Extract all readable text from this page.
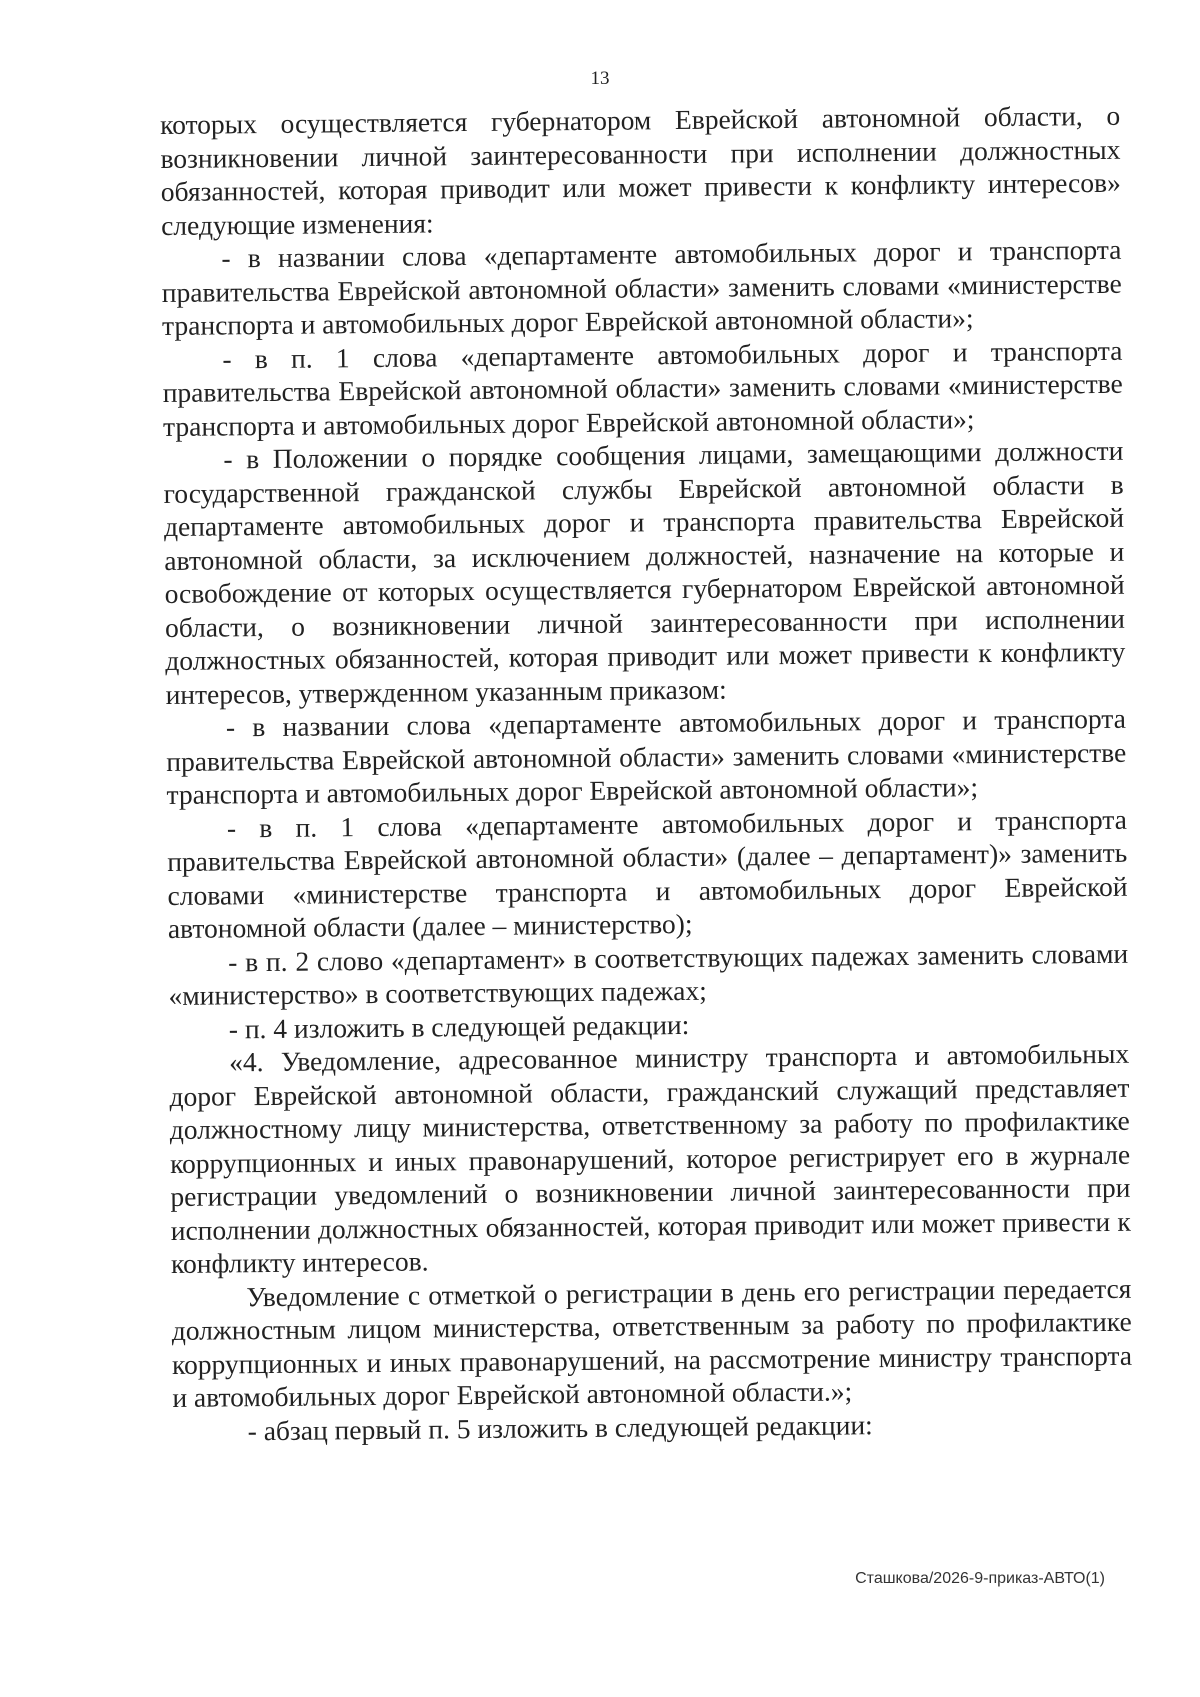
13

которых осуществляется губернатором Еврейской автономной области, о возникновении личной заинтересованности при исполнении должностных обязанностей, которая приводит или может привести к конфликту интересов» следующие изменения:

- в названии слова «департаменте автомобильных дорог и транспорта правительства Еврейской автономной области» заменить словами «министерстве транспорта и автомобильных дорог Еврейской автономной области»;

- в п. 1 слова «департаменте автомобильных дорог и транспорта правительства Еврейской автономной области» заменить словами «министерстве транспорта и автомобильных дорог Еврейской автономной области»;

- в Положении о порядке сообщения лицами, замещающими должности государственной гражданской службы Еврейской автономной области в департаменте автомобильных дорог и транспорта правительства Еврейской автономной области, за исключением должностей, назначение на которые и освобождение от которых осуществляется губернатором Еврейской автономной области, о возникновении личной заинтересованности при исполнении должностных обязанностей, которая приводит или может привести к конфликту интересов, утвержденном указанным приказом:

- в названии слова «департаменте автомобильных дорог и транспорта правительства Еврейской автономной области» заменить словами «министерстве транспорта и автомобильных дорог Еврейской автономной области»;

- в п. 1 слова «департаменте автомобильных дорог и транспорта правительства Еврейской автономной области» (далее – департамент)» заменить словами «министерстве транспорта и автомобильных дорог Еврейской автономной области (далее – министерство);

- в п. 2 слово «департамент» в соответствующих падежах заменить словами «министерство» в соответствующих падежах;

- п. 4 изложить в следующей редакции:

«4. Уведомление, адресованное министру транспорта и автомобильных дорог Еврейской автономной области, гражданский служащий представляет должностному лицу министерства, ответственному за работу по профилактике коррупционных и иных правонарушений, которое регистрирует его в журнале регистрации уведомлений о возникновении личной заинтересованности при исполнении должностных обязанностей, которая приводит или может привести к конфликту интересов.

Уведомление с отметкой о регистрации в день его регистрации передается должностным лицом министерства, ответственным за работу по профилактике коррупционных и иных правонарушений, на рассмотрение министру транспорта и автомобильных дорог Еврейской автономной области.»;

- абзац первый п. 5 изложить в следующей редакции:

Сташкова/2026-9-приказ-АВТО(1)
